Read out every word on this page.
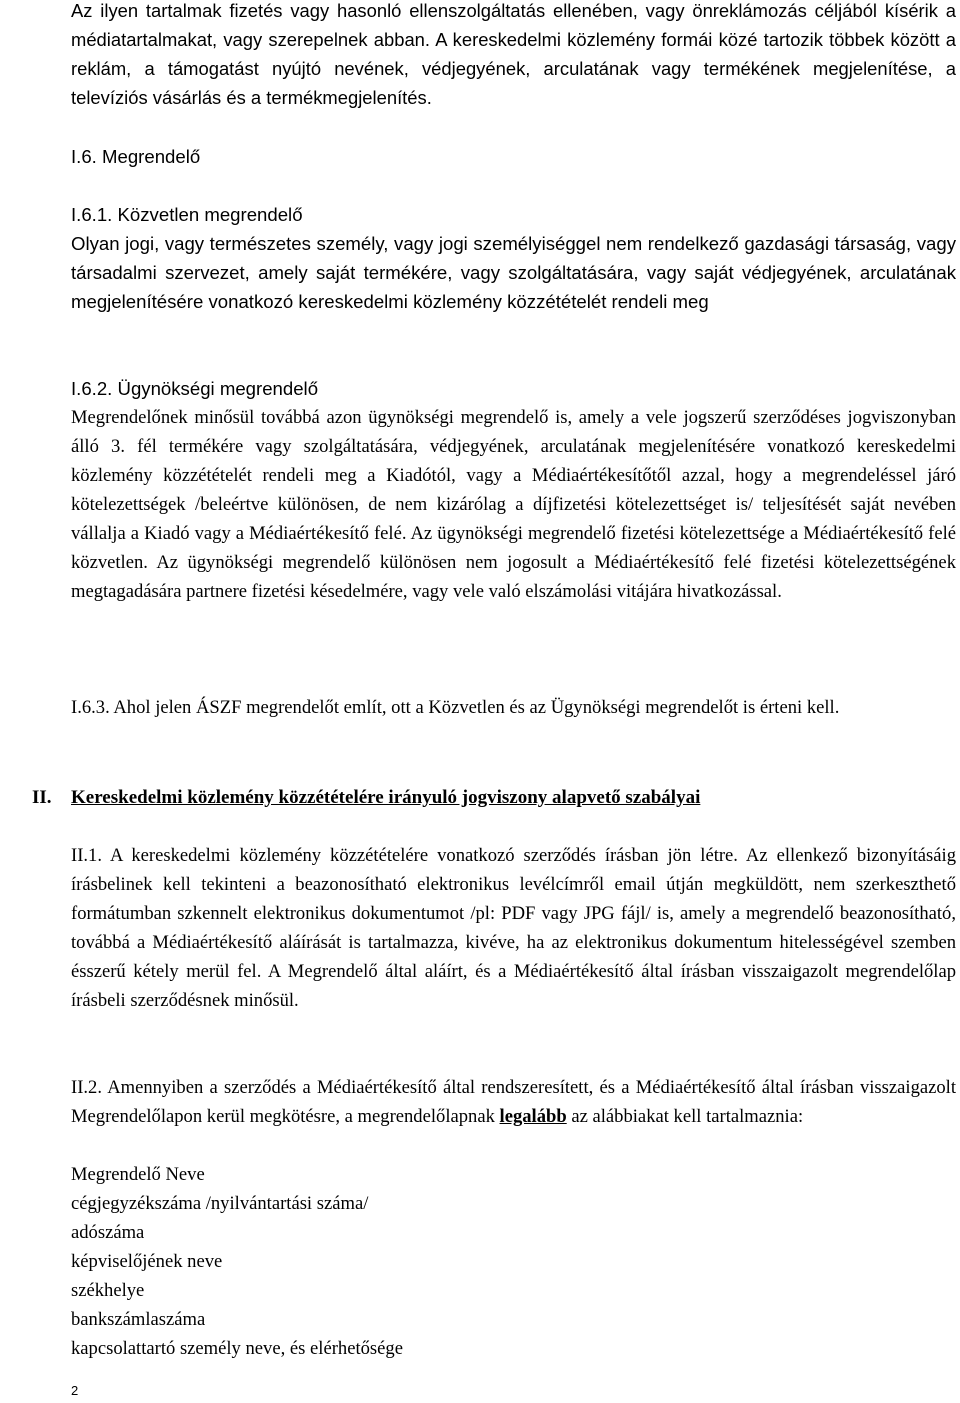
Az ilyen tartalmak fizetés vagy hasonló ellenszolgáltatás ellenében, vagy önreklámozás céljából kísérik a médiatartalmakat, vagy szerepelnek abban. A kereskedelmi közlemény formái közé tartozik többek között a reklám, a támogatást nyújtó nevének, védjegyének, arculatának vagy termékének megjelenítése, a televíziós vásárlás és a termékmegjelenítés.

I.6. Megrendelő
I.6.1. Közvetlen megrendelő

Olyan jogi, vagy természetes személy, vagy jogi személyiséggel nem rendelkező gazdasági társaság, vagy társadalmi szervezet, amely saját termékére, vagy szolgáltatására, vagy saját védjegyének, arculatának megjelenítésére vonatkozó kereskedelmi közlemény közzétételét rendeli meg

I.6.2. Ügynökségi megrendelő

Megrendelőnek minősül továbbá azon ügynökségi megrendelő is, amely a vele jogszerű szerződéses jogviszonyban álló 3. fél termékére vagy szolgáltatására, védjegyének, arculatának megjelenítésére vonatkozó kereskedelmi közlemény közzétételét rendeli meg a Kiadótól, vagy a Médiaértékesítőtől azzal, hogy a megrendeléssel járó kötelezettségek /beleértve különösen, de nem kizárólag a díjfizetési kötelezettséget is/ teljesítését saját nevében vállalja a Kiadó vagy a Médiaértékesítő felé. Az ügynökségi megrendelő fizetési kötelezettsége a Médiaértékesítő felé közvetlen. Az ügynökségi megrendelő különösen nem jogosult a Médiaértékesítő felé fizetési kötelezettségének megtagadására partnere fizetési késedelmére, vagy vele való elszámolási vitájára hivatkozással.

I.6.3. Ahol jelen ÁSZF megrendelőt említ, ott a Közvetlen és az Ügynökségi megrendelőt is érteni kell.

II. Kereskedelmi közlemény közzétételére irányuló jogviszony alapvető szabályai

II.1. A kereskedelmi közlemény közzétételére vonatkozó szerződés írásban jön létre. Az ellenkező bizonyításáig írásbelinek kell tekinteni a beazonosítható elektronikus levélcímről email útján megküldött, nem szerkeszthető formátumban szkennelt elektronikus dokumentumot /pl: PDF vagy JPG fájl/ is, amely a megrendelő beazonosítható, továbbá a Médiaértékesítő aláírását is tartalmazza, kivéve, ha az elektronikus dokumentum hitelességével szemben ésszerű kétely merül fel. A Megrendelő által aláírt, és a Médiaértékesítő által írásban visszaigazolt megrendelőlap írásbeli szerződésnek minősül.

II.2. Amennyiben a szerződés a Médiaértékesítő által rendszeresített, és a Médiaértékesítő által írásban visszaigazolt Megrendelőlapon kerül megkötésre, a megrendelőlapnak legalább az alábbiakat kell tartalmaznia:

Megrendelő Neve
cégjegyzékszáma /nyilvántartási száma/
adószáma
képviselőjének neve
székhelye
bankszámlaszáma
kapcsolattartó személy neve, és elérhetősége
2
